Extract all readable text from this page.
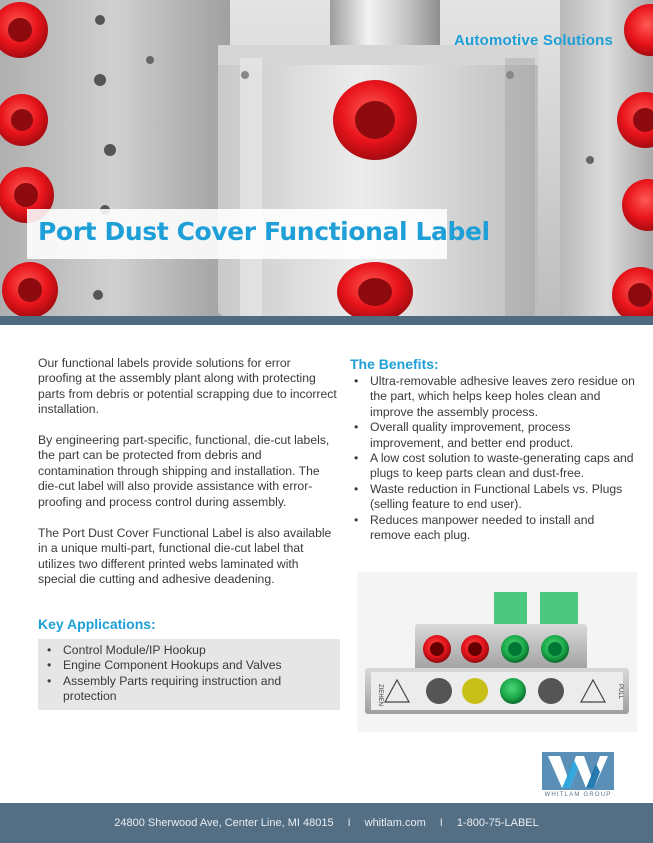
Automotive Solutions
Port Dust Cover Functional Label

Our functional labels provide solutions for error proofing at the assembly plant along with protecting parts from debris or potential scrapping due to incorrect installation.

By engineering part-specific, functional, die-cut labels, the part can be protected from debris and contamination through shipping and installation. The die-cut label will also provide assistance with error-proofing and process control during assembly.

The Port Dust Cover Functional Label is also available in a unique multi-part, functional die-cut label that utilizes two different printed webs laminated with special die cutting and adhesive deadening.

The Benefits:
• Ultra-removable adhesive leaves zero residue on the part, which helps keep holes clean and improve the assembly process.
• Overall quality improvement, process improvement, and better end product.
• A low cost solution to waste-generating caps and plugs to keep parts clean and dust-free.
• Waste reduction in Functional Labels vs. Plugs (selling feature to end user).
• Reduces manpower needed to install and remove each plug.
Key Applications:
• Control Module/IP Hookup
• Engine Component Hookups and Valves
• Assembly Parts requiring instruction and protection	ZIEHEN	PULL
WHITLAM GROUP
24800 Sherwood Ave, Center Line, MI 48015 I whitlam.com I 1-800-75-LABEL
